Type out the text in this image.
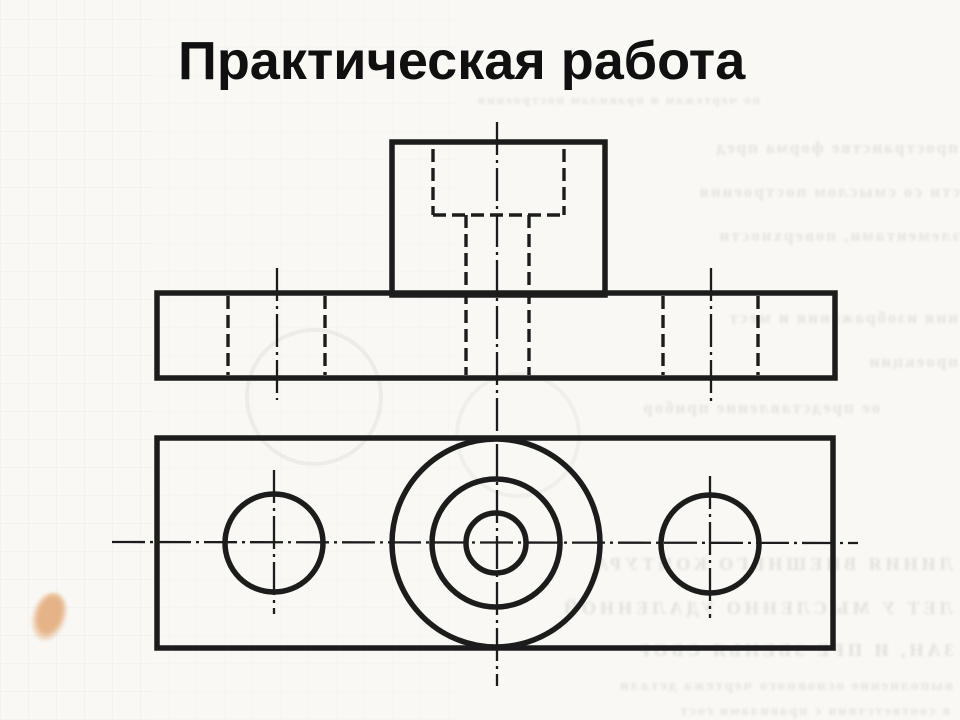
по чертежам и правилам построения
пространстве форма пред
сти со смыслом построения
элементами, поверхности
ния изображения и мест
проекции
ое представление прибор
ЛИНИЯ ВНЕШНЕГО КОНТУРА
ЛЕТ У МЫСЛЕННО УДАЛЕННОЙ
ЗАН, И ПРЕ ЗВЕНЬЯ СБОР
выполнение основного чертежа детали
в соответствии с правилами гост
Практическая работа
